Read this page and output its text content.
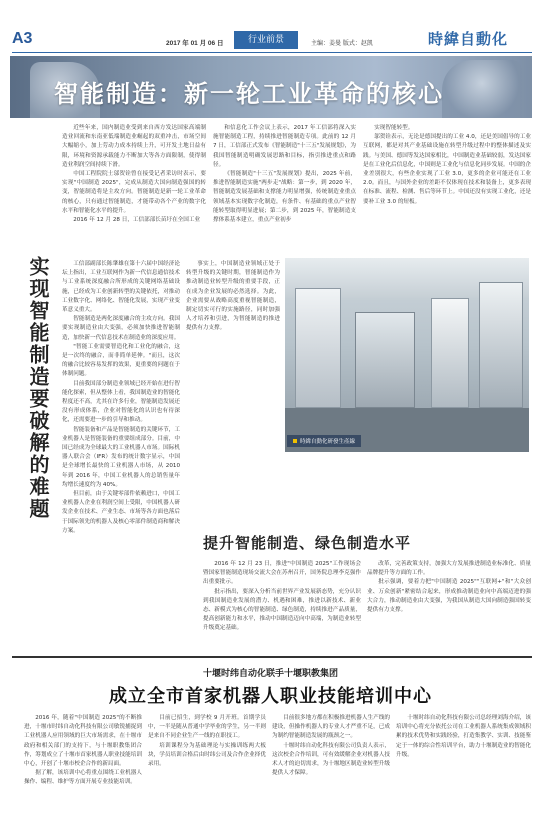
A3	2017 年 01 月 06 日	行业前景	主编：姜曼 版式：赵凯	時緯自動化
智能制造：新一轮工业革命的核心

近些年来，国内制造业受到来自西方发达国家高端制造业回流和东南亚低端制造业崛起的双重冲击，市场空间大幅缩小，加上劳动力成本持续上升，可开发土地日益有限，环境和资源承载能力不断加大等各方面限制，使得制造业利润空间持续下滑。

中国工程院院士邬贺铨曾在接受记者采访时表示，要实现"中国制造 2025"，完成从制造大国向制造强国的转变，智能制造将是主攻方向。智能制造是新一轮工业革命的核心，只有通过智能制造，才能带动各个产业的数字化水平和智能化水平的提升。

2016 年 12 月 28 日，工信部部长苗圩在全国工业

和信息化工作会议上表示，2017 年工信部将深入实施智能制造工程，持续推进智能制造专项。此前的 12 月 7 日，工信部正式发布《智能制造"十三五"发展规划》，为我国智能制造明确发展思路和目标，指引推进重点和路径。

《智能制造"十三五"发展规划》提出，2025 年前，推进智能制造实施"两步走"战略：第一步，到 2020 年，智能制造发展基础和支撑能力明显增强，传统制造业重点领域基本实现数字化制造，有条件、有基础的重点产业智能转型取得明显进展；第二步，到 2025 年，智能制造支撑体系基本建立，重点产业初步

实现智能转型。

邬贺铨表示，无论是德国提出的工业 4.0，还是美国倡导的工业互联网，都是对其产业基础设施在转型升级过程中的整体描述及实践。与美国、德国等发达国家相比，中国制造业基础较弱，发达国家是在工业化后信息化，中国则是工业化与信息化同步发展。中国的企业差别很大，有些企业实现了工业 3.0，更多的企业可能还在工业 2.0。而且，与国外企业的差距不仅体现在技术和装备上，更多表现在标准、流程、检测、售后等环节上。中国还没有实现工业化，还是要补工业 3.0 的短板。

实现智能制造要破解的难题	工信部副部长陈肇雄在第十六届中国经济论坛上指出，工业互联网作为新一代信息通信技术与工业系统深度融合所形成的关键网络基础设施，已经成为工业创新转型的关键依托，对推动工业数字化、网络化、智能化发展，实现产业变革意义重大。

智能制造是两化深度融合的主攻方向。我国要实现制造业由大变强，必须加快推进智能制造，加快新一代信息技术在制造业的深度应用。

"智能工业需要智造化和工业化的融合，这是一次终的融合，而非简单延伸。"而且，这次的融合比较容易发挥的效果，更重要的问题在于体制问题。

目前我国部分制造业领域已经开始在进行智能化探索，但从整体上看，我国制造业的智能化程度还不高，尤其在许多行业，智能制造发展还没有形成体系，企业对智能化的认识也有待深化，还需要进一步的引导和推动。

智能装备和产品是智能制造的关键环节，工业机器人是智能装备的重要组成部分。目前，中国已经成为全球最大的工业机器人市场。国际机器人联合会（IFR）发布的统计数字显示，中国是全球增长最快的工业机器人市场，从 2010 年到 2016 年，中国工业机器人的总销售量年均增长速度约为 40%。

但目前，由于关键零部件依赖进口，中国工业机器人企业在利润空间上受限，中国机器人研发企业在技术、产业生态、市场等各方面也落后于国际领先的机器人及核心零部件制造商和解决方案。

事实上，中国制造业领域正处于转型升级的关键时期，智能制造作为推动制造业转型升级的重要手段，正在成为企业发展的必然选择。为此，企业需要从战略高度重视智能制造，制定切实可行的实施路径，同时加强人才培养和引进，为智能制造的推进提供有力支撑。

時緯自動化研發生產線
提升智能制造、绿色制造水平

2016 年 12 月 23 日，推进"中国制造 2025"工作现场会暨国家智能制造现场交流大会在苏州召开，国务院总理李克强作出重要批示。

批示指出，要深入分析当前世界产业发展新态势，充分认识到我国制造业发展的潜力、机遇和困难，推进以新技术、新业态、新模式为核心的智能制造、绿色制造，持续推进产品质量，提高创新能力和水平，推动中国制造迈向中高端，为制造业转型升级奠定基础。

改革，完善政策支持，加强大方发展推进制造业标准化、质量品牌提升等方面的工作。

批示强调，要着力把"中国制造 2025""互联网+"和"大众创业、万众创新"紧密结合起来，形成推动制造业向中高端迈进的强大合力，推动制造业由大变强，为我国从制造大国向制造强国转变提供有力支撑。

十堰时纬自动化联手十堰职教集团
成立全市首家机器人职业技能培训中心

2016 年，随着"中国制造 2025"的不断推进，十堰市时纬自动化科技有限公司敏锐捕捉到工业机器人应用领域的巨大市场需求，在十堰市政府和相关部门的支持下，与十堰职教集团合作，筹划成立了十堰市首家机器人职业技能培训中心，开创了十堰市校企合作的新局面。

据了解，该培训中心将重点围绕工业机器人操作、编程、维护等方面开展专业技能培训。

目前已招生，到学校 9 月开班。首期学员中，一半是随从普通中学毕业的学生，另一半则是来自不同企业生产一线的在职技工。

培训课程分为基础理论与实操训练两大板块，学员培训合格后由时纬公司及合作企业择优录用。

目前很多地方都在积极推进机器人生产线的建设，但操作机器人的专业人才严重不足，已成为制约智能制造发展的瓶颈之一。

十堰时纬自动化科技有限公司负责人表示，这次校企合作培训，可有效缓解企业对机器人技术人才的迫切需求，为十堰地区制造业转型升级提供人才保障。

十堰时纬自动化科技有限公司总经理刘海介绍，该培训中心将充分依托公司在工业机器人系统集成领域积累的技术优势和实践经验，打造集教学、实训、技能鉴定于一体的综合性培训平台，助力十堰制造业的智能化升级。
